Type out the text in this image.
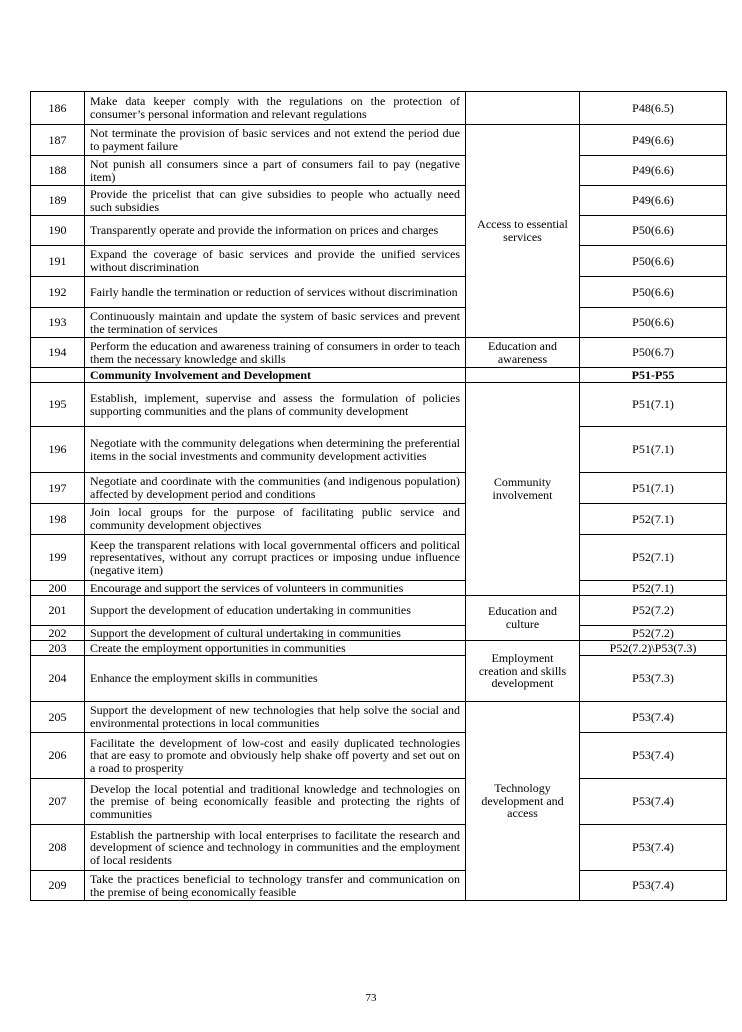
186	Make data keeper comply with the regulations on the protection of consumer’s personal information and relevant regulations		P48(6.5)
187	Not terminate the provision of basic services and not extend the period due to payment failure	Access to essential services	P49(6.6)
188	Not punish all consumers since a part of consumers fail to pay (negative item)		P49(6.6)
189	Provide the pricelist that can give subsidies to people who actually need such subsidies		P49(6.6)
190	Transparently operate and provide the information on prices and charges		P50(6.6)
191	Expand the coverage of basic services and provide the unified services without discrimination		P50(6.6)
192	Fairly handle the termination or reduction of services without discrimination		P50(6.6)
193	Continuously maintain and update the system of basic services and prevent the termination of services		P50(6.6)
194	Perform the education and awareness training of consumers in order to teach them the necessary knowledge and skills	Education and awareness	P50(6.7)
	Community Involvement and Development		P51-P55
195	Establish, implement, supervise and assess the formulation of policies supporting communities and the plans of community development	Community involvement	P51(7.1)
196	Negotiate with the community delegations when determining the preferential items in the social investments and community development activities		P51(7.1)
197	Negotiate and coordinate with the communities (and indigenous population) affected by development period and conditions		P51(7.1)
198	Join local groups for the purpose of facilitating public service and community development objectives		P52(7.1)
199	Keep the transparent relations with local governmental officers and political representatives, without any corrupt practices or imposing undue influence (negative item)		P52(7.1)
200	Encourage and support the services of volunteers in communities		P52(7.1)
201	Support the development of education undertaking in communities	Education and culture	P52(7.2)
202	Support the development of cultural undertaking in communities		P52(7.2)
203	Create the employment opportunities in communities	Employment creation and skills development	P52(7.2)\P53(7.3)
204	Enhance the employment skills in communities		P53(7.3)
205	Support the development of new technologies that help solve the social and environmental protections in local communities	Technology development and access	P53(7.4)
206	Facilitate the development of low-cost and easily duplicated technologies that are easy to promote and obviously help shake off poverty and set out on a road to prosperity		P53(7.4)
207	Develop the local potential and traditional knowledge and technologies on the premise of being economically feasible and protecting the rights of communities		P53(7.4)
208	Establish the partnership with local enterprises to facilitate the research and development of science and technology in communities and the employment of local residents		P53(7.4)
209	Take the practices beneficial to technology transfer and communication on the premise of being economically feasible		P53(7.4)
73
